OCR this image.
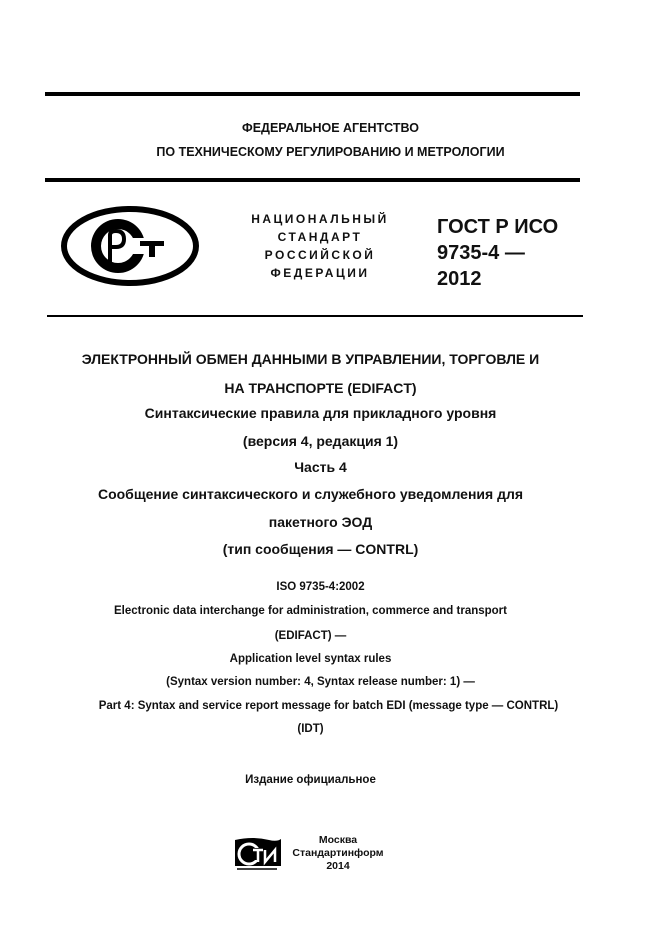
ФЕДЕРАЛЬНОЕ АГЕНТСТВО
ПО ТЕХНИЧЕСКОМУ РЕГУЛИРОВАНИЮ И МЕТРОЛОГИИ
НАЦИОНАЛЬНЫЙ
СТАНДАРТ
РОССИЙСКОЙ
ФЕДЕРАЦИИ
ГОСТ Р ИСО
9735-4 —
2012
ЭЛЕКТРОННЫЙ ОБМЕН ДАННЫМИ В УПРАВЛЕНИИ, ТОРГОВЛЕ И
НА ТРАНСПОРТЕ (EDIFACT)
Синтаксические правила для прикладного уровня
(версия 4, редакция 1)
Часть 4
Сообщение синтаксического и служебного уведомления для
пакетного ЭОД
(тип сообщения — CONTRL)
ISO 9735-4:2002
Electronic data interchange for administration, commerce and transport
(EDIFACT) —
Application level syntax rules
(Syntax version number: 4, Syntax release number: 1) —
Part 4: Syntax and service report message for batch EDI (message type — CONTRL)
(IDT)
Издание официальное
Москва
Стандартинформ
2014
